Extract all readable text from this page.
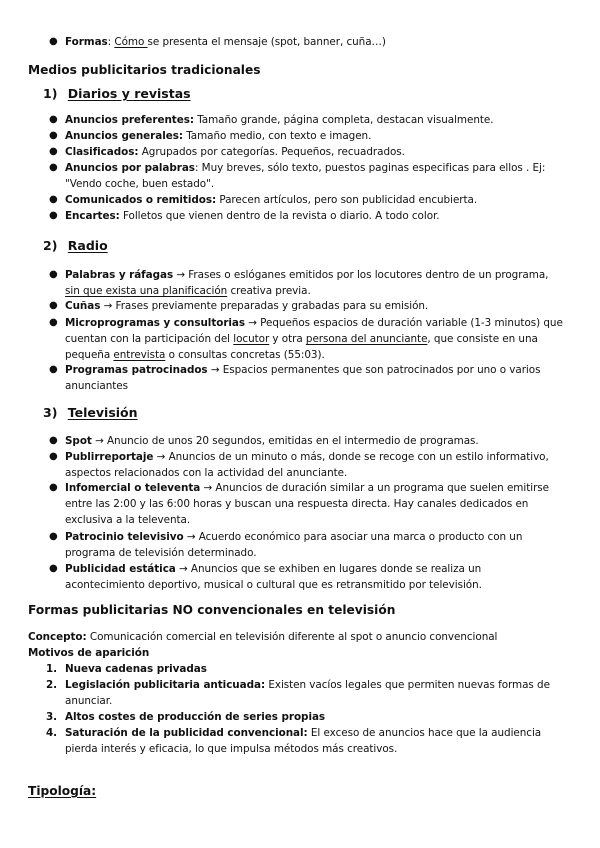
● Formas: Cómo se presenta el mensaje (spot, banner, cuña…)
Medios publicitarios tradicionales
1) Diarios y revistas
● Anuncios preferentes: Tamaño grande, página completa, destacan visualmente.
● Anuncios generales: Tamaño medio, con texto e imagen.
● Clasificados: Agrupados por categorías. Pequeños, recuadrados.
● Anuncios por palabras: Muy breves, sólo texto, puestos paginas especificas para ellos . Ej:
"Vendo coche, buen estado".
● Comunicados o remitidos: Parecen artículos, pero son publicidad encubierta.
● Encartes: Folletos que vienen dentro de la revista o diario. A todo color.
2) Radio
● Palabras y ráfagas → Frases o eslóganes emitidos por los locutores dentro de un programa,
sin que exista una planificación creativa previa.
● Cuñas → Frases previamente preparadas y grabadas para su emisión.
● Microprogramas y consultorias → Pequeños espacios de duración variable (1-3 minutos) que
cuentan con la participación del locutor y otra persona del anunciante, que consiste en una
pequeña entrevista o consultas concretas (55:03).
● Programas patrocinados → Espacios permanentes que son patrocinados por uno o varios
anunciantes
3) Televisión
● Spot → Anuncio de unos 20 segundos, emitidas en el intermedio de programas.
● Publirreportaje → Anuncios de un minuto o más, donde se recoge con un estilo informativo,
aspectos relacionados con la actividad del anunciante.
● Infomercial o televenta → Anuncios de duración similar a un programa que suelen emitirse
entre las 2:00 y las 6:00 horas y buscan una respuesta directa. Hay canales dedicados en
exclusiva a la televenta.
● Patrocinio televisivo → Acuerdo económico para asociar una marca o producto con un
programa de televisión determinado.
● Publicidad estática → Anuncios que se exhiben en lugares donde se realiza un
acontecimiento deportivo, musical o cultural que es retransmitido por televisión.
Formas publicitarias NO convencionales en televisión
Concepto: Comunicación comercial en televisión diferente al spot o anuncio convencional
Motivos de aparición
1. Nueva cadenas privadas
2. Legislación publicitaria anticuada: Existen vacíos legales que permiten nuevas formas de
anunciar.
3. Altos costes de producción de series propias
4. Saturación de la publicidad convencional: El exceso de anuncios hace que la audiencia
pierda interés y eficacia, lo que impulsa métodos más creativos.
Tipología:
